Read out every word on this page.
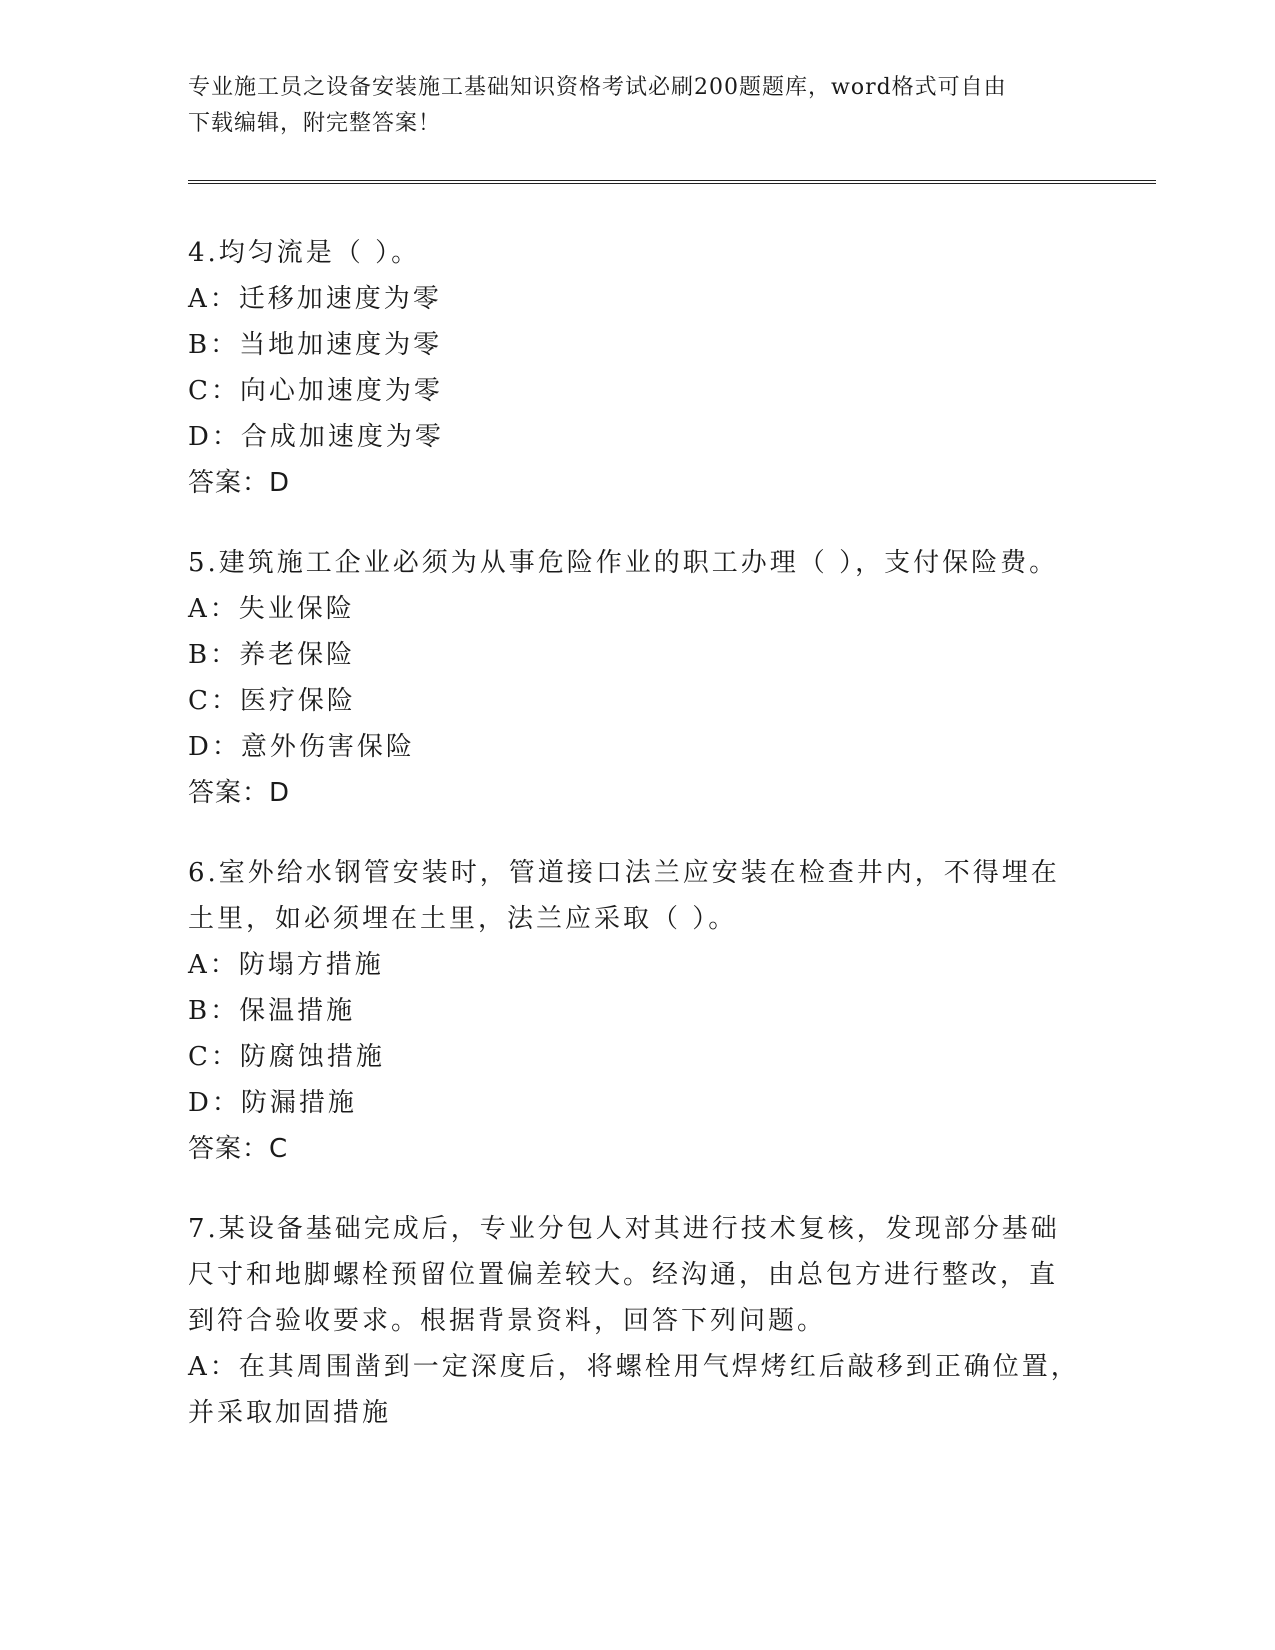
专业施工员之设备安装施工基础知识资格考试必刷200题题库，word格式可自由
下载编辑，附完整答案！
4.均匀流是（ ）。
A：迁移加速度为零
B：当地加速度为零
C：向心加速度为零
D：合成加速度为零
答案：D
5.建筑施工企业必须为从事危险作业的职工办理（ ），支付保险费。
A：失业保险
B：养老保险
C：医疗保险
D：意外伤害保险
答案：D
6.室外给水钢管安装时，管道接口法兰应安装在检查井内，不得埋在
土里，如必须埋在土里，法兰应采取（ ）。
A：防塌方措施
B：保温措施
C：防腐蚀措施
D：防漏措施
答案：C
7.某设备基础完成后，专业分包人对其进行技术复核，发现部分基础
尺寸和地脚螺栓预留位置偏差较大。经沟通，由总包方进行整改，直
到符合验收要求。根据背景资料，回答下列问题。
A：在其周围凿到一定深度后，将螺栓用气焊烤红后敲移到正确位置，
并采取加固措施
